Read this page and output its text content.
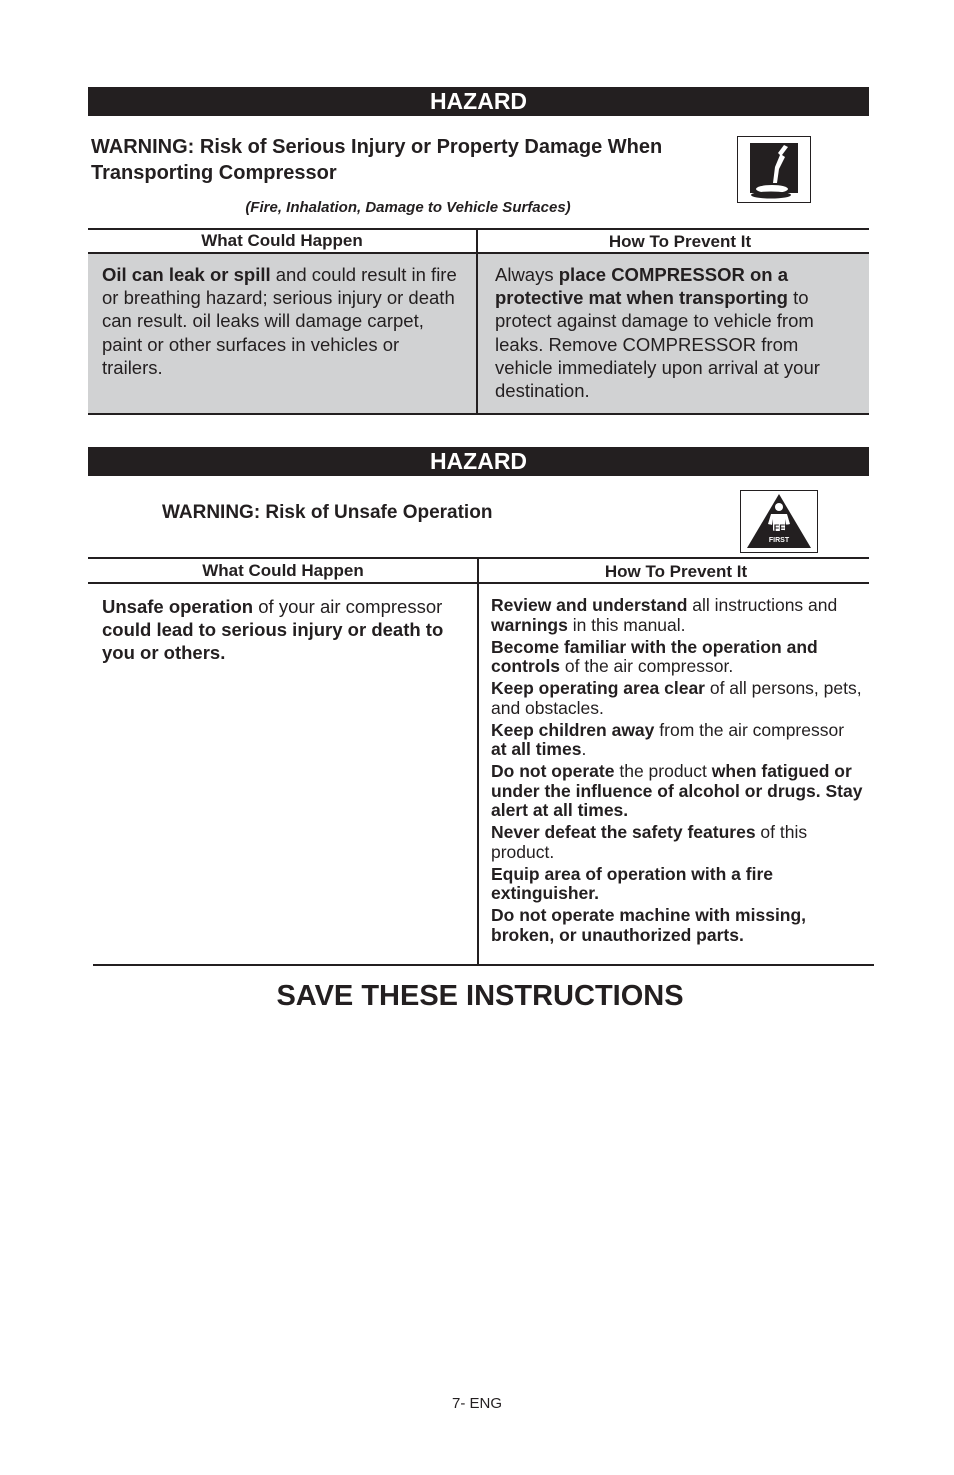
HAZARD
WARNING: Risk of Serious Injury or Property Damage When Transporting Compressor
(Fire, Inhalation, Damage to Vehicle Surfaces)
What Could Happen	How To Prevent It
Oil can leak or spill and could result in fire or breathing hazard; serious injury or death can result. oil leaks will damage carpet, paint or other surfaces in vehicles or trailers.
Always place COMPRESSOR on a protective mat when transporting to protect against damage to vehicle from leaks. Remove COMPRESSOR from vehicle immediately upon arrival at your destination.
HAZARD
WARNING: Risk of Unsafe Operation
SAFETY
FIRST
What Could Happen	How To Prevent It
Unsafe operation of your air compressor could lead to serious injury or death to you or others.

Review and understand all instructions and warnings in this manual.

Become familiar with the operation and controls of the air compressor.

Keep operating area clear of all persons, pets, and obstacles.

Keep children away from the air compressor at all times.

Do not operate the product when fatigued or under the influence of alcohol or drugs. Stay alert at all times.

Never defeat the safety features of this product.

Equip area of operation with a fire extinguisher.

Do not operate machine with missing, broken, or unauthorized parts.

SAVE THESE INSTRUCTIONS
7- ENG
